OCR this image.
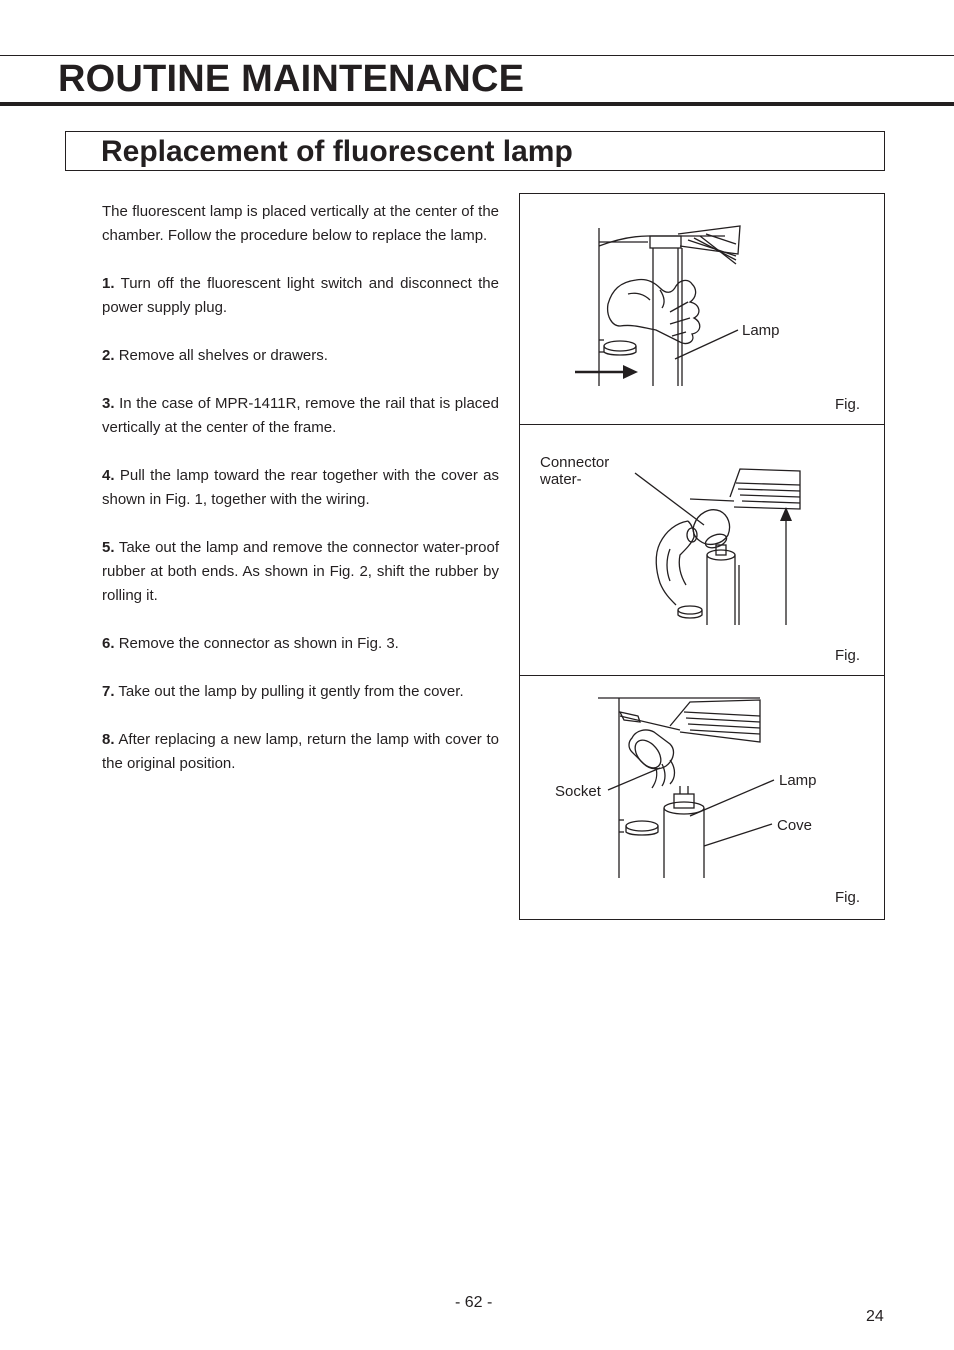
ROUTINE MAINTENANCE
Replacement of fluorescent lamp

The fluorescent lamp is placed vertically at the center of the chamber. Follow the procedure below to replace the lamp.

1. Turn off the fluorescent light switch and disconnect the power supply plug.

2. Remove all shelves or drawers.

3. In the case of MPR-1411R, remove the rail that is placed vertically at the center of the frame.

4. Pull the lamp toward the rear together with the cover as shown in Fig. 1, together with the wiring.

5. Take out the lamp and remove the connector water-proof rubber at both ends. As shown in Fig. 2, shift the rubber by rolling it.

6. Remove the connector as shown in Fig. 3.

7. Take out the lamp by pulling it gently from the cover.

8. After replacing a new lamp, return the lamp with cover to the original position.

Lamp
Fig.
Connector
water-
Fig.
Socket
Lamp
Cove
Fig.
- 62 -
24
